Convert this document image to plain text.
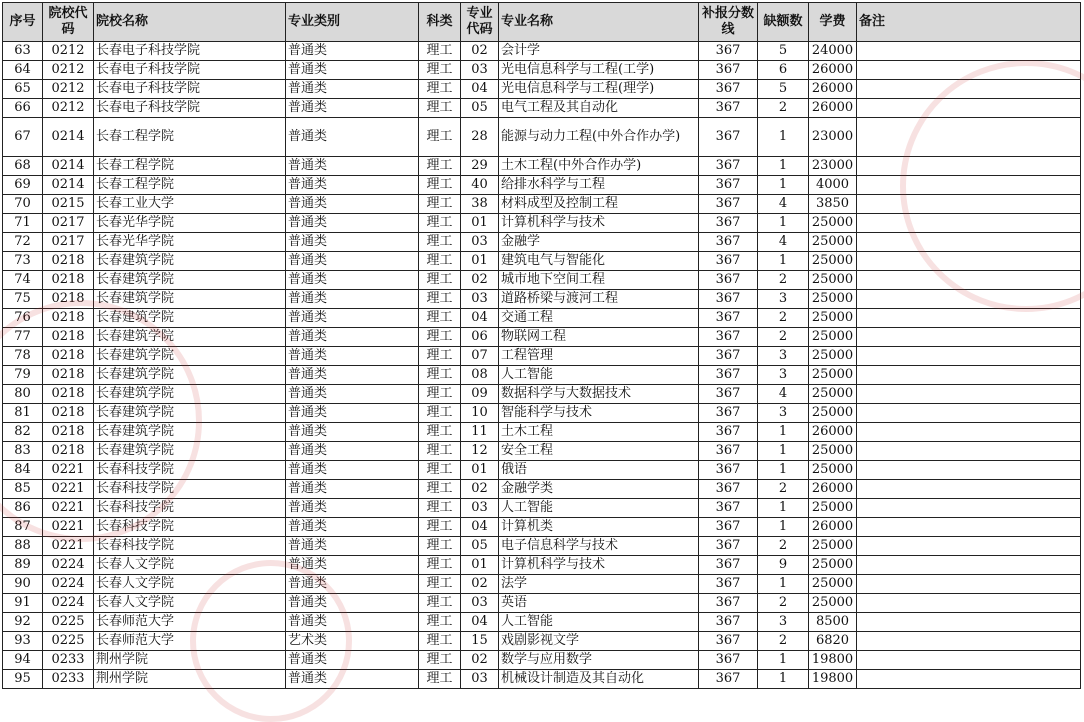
序号	院校代码	院校名称	专业类别	科类	专业代码	专业名称	补报分数线	缺额数	学费	备注
63	0212	长春电子科技学院	普通类	理工	02	会计学	367	5	24000	
64	0212	长春电子科技学院	普通类	理工	03	光电信息科学与工程(工学)	367	6	26000	
65	0212	长春电子科技学院	普通类	理工	04	光电信息科学与工程(理学)	367	5	26000	
66	0212	长春电子科技学院	普通类	理工	05	电气工程及其自动化	367	2	26000	
67	0214	长春工程学院	普通类	理工	28	能源与动力工程(中外合作办学)	367	1	23000	
68	0214	长春工程学院	普通类	理工	29	土木工程(中外合作办学)	367	1	23000	
69	0214	长春工程学院	普通类	理工	40	给排水科学与工程	367	1	4000	
70	0215	长春工业大学	普通类	理工	38	材料成型及控制工程	367	4	3850	
71	0217	长春光华学院	普通类	理工	01	计算机科学与技术	367	1	25000	
72	0217	长春光华学院	普通类	理工	03	金融学	367	4	25000	
73	0218	长春建筑学院	普通类	理工	01	建筑电气与智能化	367	1	25000	
74	0218	长春建筑学院	普通类	理工	02	城市地下空间工程	367	2	25000	
75	0218	长春建筑学院	普通类	理工	03	道路桥梁与渡河工程	367	3	25000	
76	0218	长春建筑学院	普通类	理工	04	交通工程	367	2	25000	
77	0218	长春建筑学院	普通类	理工	06	物联网工程	367	2	25000	
78	0218	长春建筑学院	普通类	理工	07	工程管理	367	3	25000	
79	0218	长春建筑学院	普通类	理工	08	人工智能	367	3	25000	
80	0218	长春建筑学院	普通类	理工	09	数据科学与大数据技术	367	4	25000	
81	0218	长春建筑学院	普通类	理工	10	智能科学与技术	367	3	25000	
82	0218	长春建筑学院	普通类	理工	11	土木工程	367	1	26000	
83	0218	长春建筑学院	普通类	理工	12	安全工程	367	1	25000	
84	0221	长春科技学院	普通类	理工	01	俄语	367	1	25000	
85	0221	长春科技学院	普通类	理工	02	金融学类	367	2	26000	
86	0221	长春科技学院	普通类	理工	03	人工智能	367	1	25000	
87	0221	长春科技学院	普通类	理工	04	计算机类	367	1	26000	
88	0221	长春科技学院	普通类	理工	05	电子信息科学与技术	367	2	25000	
89	0224	长春人文学院	普通类	理工	01	计算机科学与技术	367	9	25000	
90	0224	长春人文学院	普通类	理工	02	法学	367	1	25000	
91	0224	长春人文学院	普通类	理工	03	英语	367	2	25000	
92	0225	长春师范大学	普通类	理工	04	人工智能	367	3	8500	
93	0225	长春师范大学	艺术类	理工	15	戏剧影视文学	367	2	6820	
94	0233	荆州学院	普通类	理工	02	数学与应用数学	367	1	19800	
95	0233	荆州学院	普通类	理工	03	机械设计制造及其自动化	367	1	19800	
